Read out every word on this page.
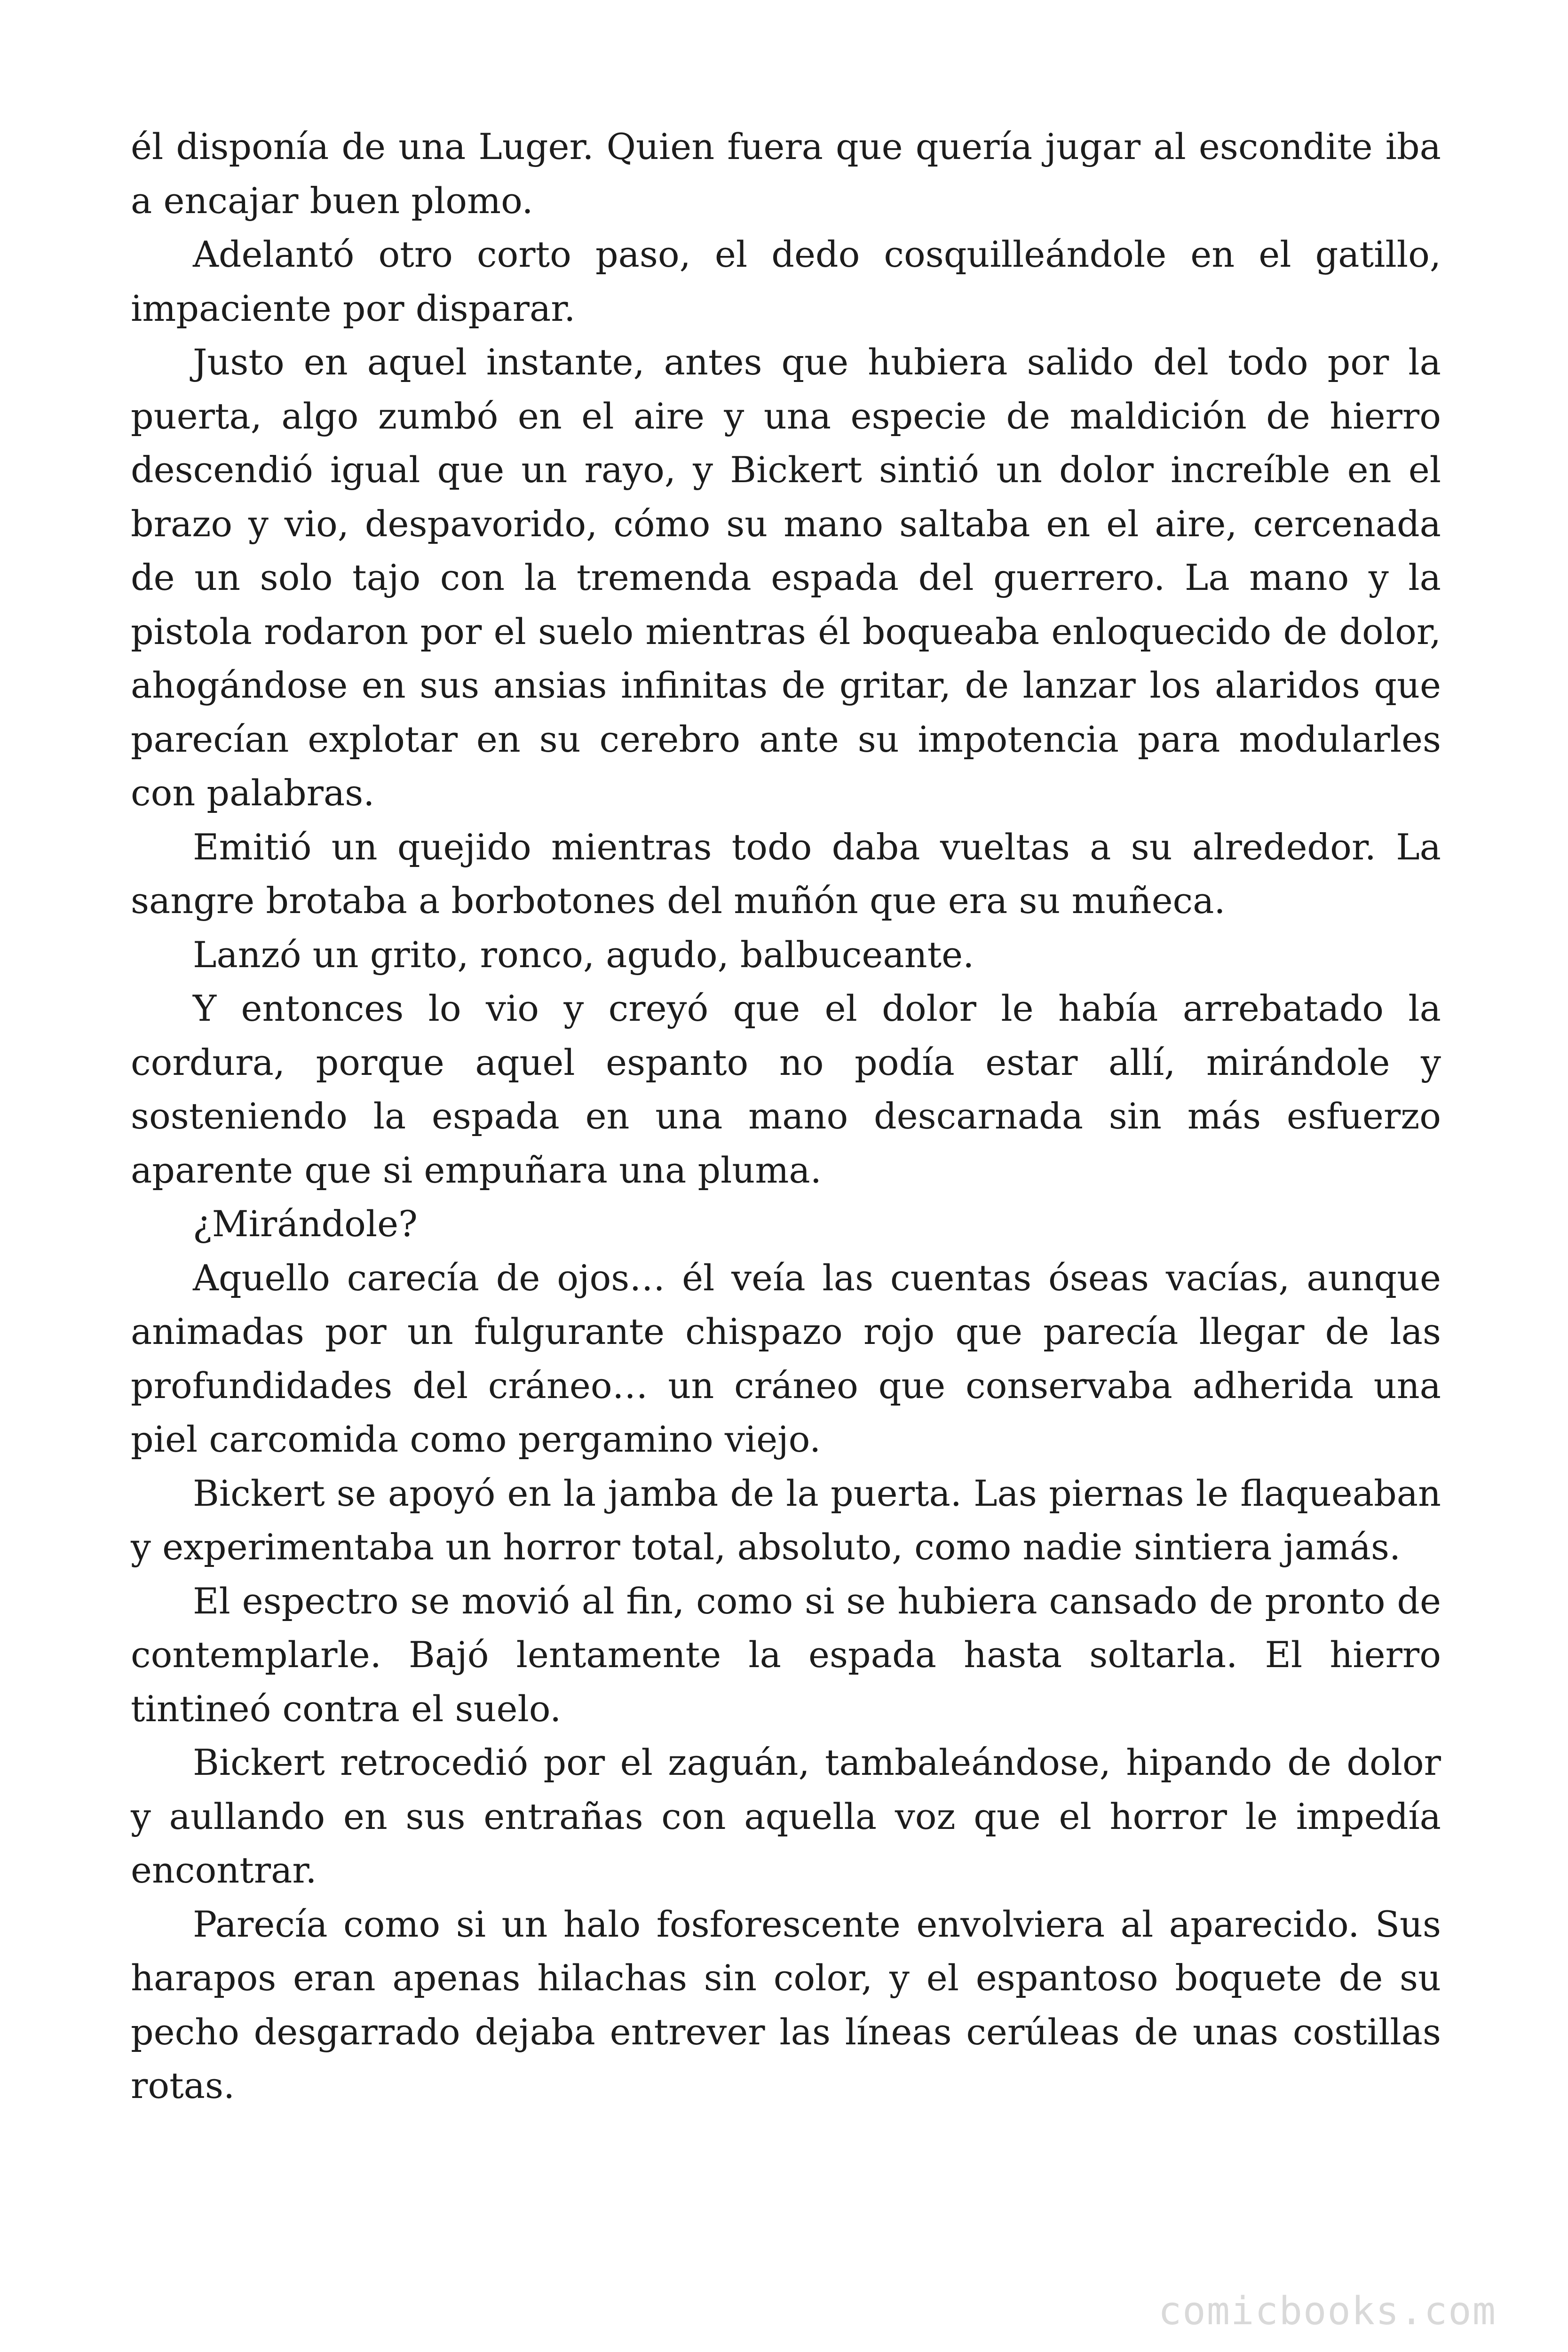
él disponía de una Luger. Quien fuera que quería jugar al escondite iba a encajar buen plomo.

Adelantó otro corto paso, el dedo cosquilleándole en el gatillo, impaciente por disparar.

Justo en aquel instante, antes que hubiera salido del todo por la puerta, algo zumbó en el aire y una especie de maldición de hierro descendió igual que un rayo, y Bickert sintió un dolor increíble en el brazo y vio, despavorido, cómo su mano saltaba en el aire, cercenada de un solo tajo con la tremenda espada del guerrero. La mano y la pistola rodaron por el suelo mientras él boqueaba enloquecido de dolor, ahogándose en sus ansias infinitas de gritar, de lanzar los alaridos que parecían explotar en su cerebro ante su impotencia para modularles con palabras.

Emitió un quejido mientras todo daba vueltas a su alrededor. La sangre brotaba a borbotones del muñón que era su muñeca.

Lanzó un grito, ronco, agudo, balbuceante.

Y entonces lo vio y creyó que el dolor le había arrebatado la cordura, porque aquel espanto no podía estar allí, mirándole y sosteniendo la espada en una mano descarnada sin más esfuerzo aparente que si empuñara una pluma.

¿Mirándole?

Aquello carecía de ojos… él veía las cuentas óseas vacías, aunque animadas por un fulgurante chispazo rojo que parecía llegar de las profundidades del cráneo… un cráneo que conservaba adherida una piel carcomida como pergamino viejo.

Bickert se apoyó en la jamba de la puerta. Las piernas le flaqueaban y experimentaba un horror total, absoluto, como nadie sintiera jamás.

El espectro se movió al fin, como si se hubiera cansado de pronto de contemplarle. Bajó lentamente la espada hasta soltarla. El hierro tintineó contra el suelo.

Bickert retrocedió por el zaguán, tambaleándose, hipando de dolor y aullando en sus entrañas con aquella voz que el horror le impedía encontrar.

Parecía como si un halo fosforescente envolviera al aparecido. Sus harapos eran apenas hilachas sin color, y el espantoso boquete de su pecho desgarrado dejaba entrever las líneas cerúleas de unas costillas rotas.

comicbooks.com
